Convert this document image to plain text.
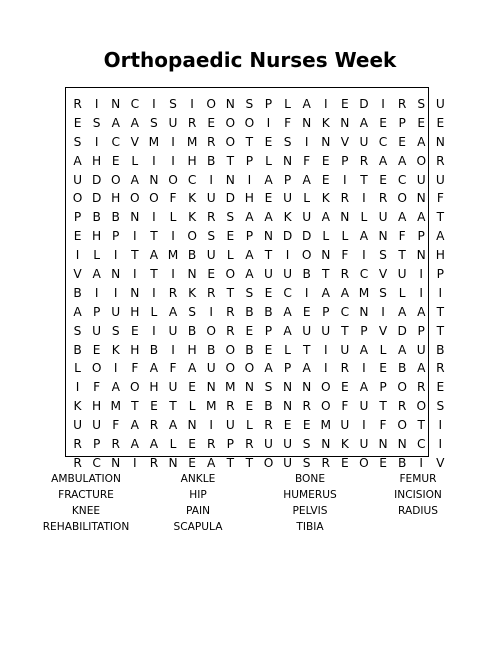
Orthopaedic Nurses Week
R	I	N C	I	S	I	O N S P L A	I	E D	I	R S U
E S A A S U R E O O	I	F N K N A E P E E
S	I	C V M I M R O T E S	I	N V U C E A N
A H E L	I	I	H B T P L N F E P R A A O R
U D O A N O C	I	N	I	A P A E	I	T E C U U
O D H O O F K U D H E U L K R	I	R O N F
P B B N	I	L K R S A A K U A N L U A A T
E H P	I	T	I	O S E P N D D L	L A N F P A
I	L	I	T A M B U L A T	I	O N F	I	S T N H
V A N	I	T	I	N E O A U U B T R C V U	I	P
B	I	I	N	I	R K R T S E C	I	A A M S L	I	I
A P U H L A S	I	R B B A E P C N	I	A A T
S U S E	I	U B O R E P A U U T P V D P T
B E K H B	I	H B O B E L T	I	U A L A U B
L O	I	F A F A U O O A P A	I	R	I	E B A R
I	F A O H U E N M N S N N O E A P O R E
K H M T E T L M R E B N R O F U T R O S
U U F A R A N	I	U L R E E M U	I	F O T	I
R P R A A L E R P R U U S N K U N N C	I
R C N	I	R N E A T T O U S R E O E B	I	V
AMBULATION	ANKLE	BONE	FEMUR
FRACTURE	HIP	HUMERUS	INCISION
KNEE	PAIN	PELVIS	RADIUS
REHABILITATION	SCAPULA	TIBIA
